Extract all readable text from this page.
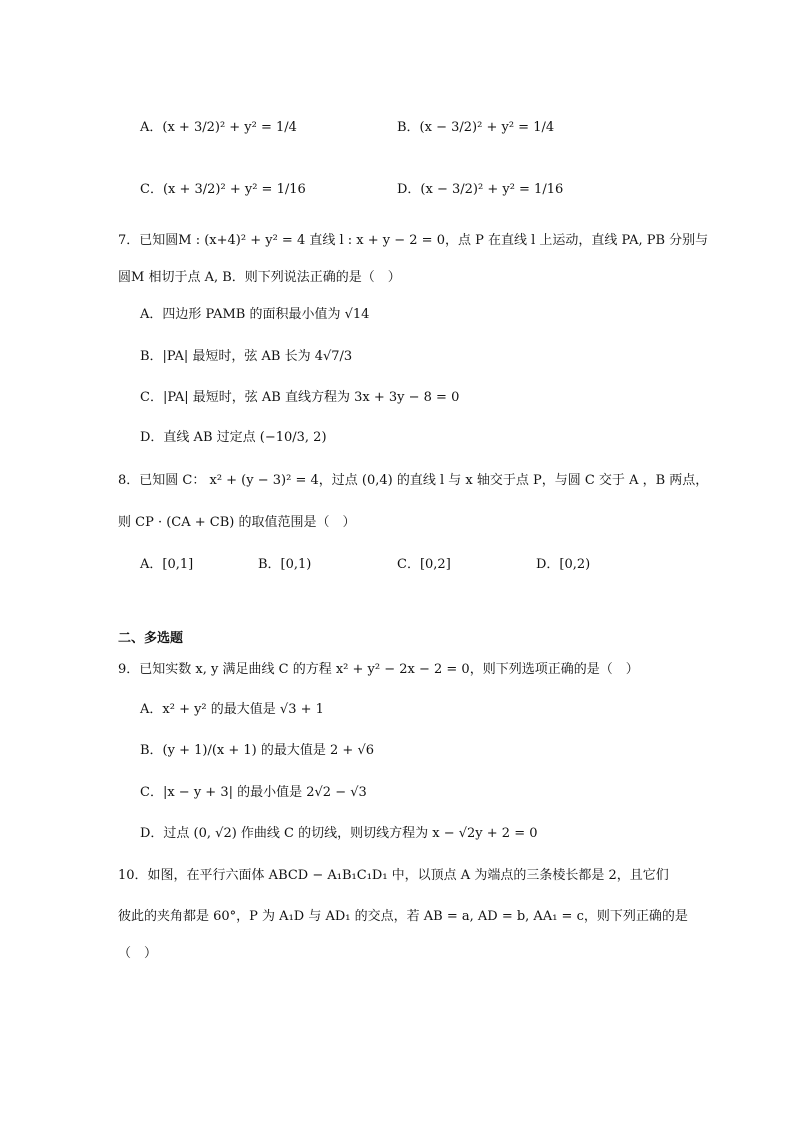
A．(x + 3/2)² + y² = 1/4	B．(x − 3/2)² + y² = 1/4
C．(x + 3/2)² + y² = 1/16	D．(x − 3/2)² + y² = 1/16
7．已知圆M : (x+4)² + y² = 4 直线 l : x + y − 2 = 0，点 P 在直线 l 上运动，直线 PA, PB 分别与
圆M 相切于点 A, B．则下列说法正确的是（　）
A．四边形 PAMB 的面积最小值为 √14
B．|PA| 最短时，弦 AB 长为 4√7/3
C．|PA| 最短时，弦 AB 直线方程为 3x + 3y − 8 = 0
D．直线 AB 过定点 (−10/3, 2)
8．已知圆 C： x² + (y − 3)² = 4，过点 (0,4) 的直线 l 与 x 轴交于点 P，与圆 C 交于 A ，B 两点，
则 CP · (CA + CB) 的取值范围是（　）
A．[0,1]	B．[0,1)	C．[0,2]	D．[0,2)
二、多选题
9．已知实数 x, y 满足曲线 C 的方程 x² + y² − 2x − 2 = 0，则下列选项正确的是（　）
A．x² + y² 的最大值是 √3 + 1
B．(y + 1)/(x + 1) 的最大值是 2 + √6
C．|x − y + 3| 的最小值是 2√2 − √3
D．过点 (0, √2) 作曲线 C 的切线，则切线方程为 x − √2y + 2 = 0
10．如图，在平行六面体 ABCD − A₁B₁C₁D₁ 中，以顶点 A 为端点的三条棱长都是 2，且它们
彼此的夹角都是 60°，P 为 A₁D 与 AD₁ 的交点，若 AB = a, AD = b, AA₁ = c，则下列正确的是
（　）
